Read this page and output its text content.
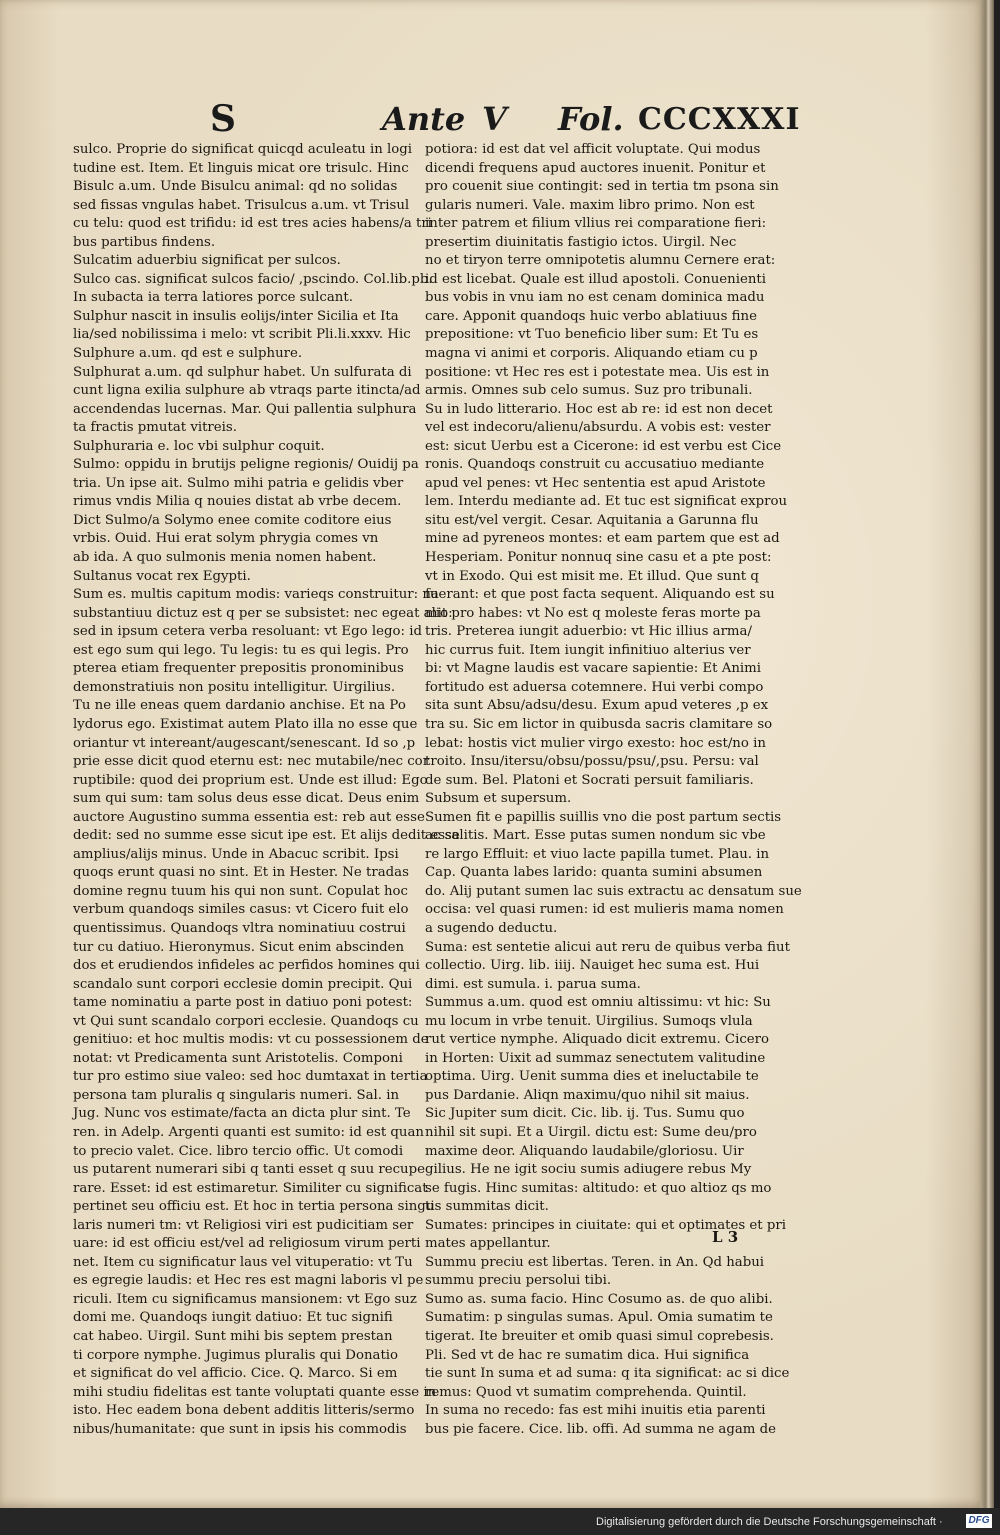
S	Ante V Fol. CCCXXXI
sulco. Proprie do significat quicqd aculeatu in logi
tudine est. Item. Et linguis micat ore trisulc. Hinc
Bisulc a.um. Unde Bisulcu animal: qd no solidas
sed fissas vngulas habet. Trisulcus a.um. vt Trisul
cu telu: quod est trifidu: id est tres acies habens/a tri
bus partibus findens.
Sulcatim aduerbiu significat per sulcos.
Sulco cas. significat sulcos facio/ ,pscindo. Col.lib.pb.
In subacta ia terra latiores porce sulcant.
Sulphur nascit in insulis eolijs/inter Sicilia et Ita
lia/sed nobilissima i melo: vt scribit Pli.li.xxxv. Hic
Sulphure a.um. qd est e sulphure.
Sulphurat a.um. qd sulphur habet. Un sulfurata di
cunt ligna exilia sulphure ab vtraqs parte itincta/ad
accendendas lucernas. Mar. Qui pallentia sulphura
ta fractis pmutat vitreis.
Sulphuraria e. loc vbi sulphur coquit.
Sulmo: oppidu in brutijs peligne regionis/ Ouidij pa
tria. Un ipse ait. Sulmo mihi patria e gelidis vber
rimus vndis Milia q nouies distat ab vrbe decem.
Dict Sulmo/a Solymo enee comite coditore eius
vrbis. Ouid. Hui erat solym phrygia comes vn
ab ida. A quo sulmonis menia nomen habent.
Sultanus vocat rex Egypti.
Sum es. multis capitum modis: varieqs construitur: na
substantiuu dictuz est q per se subsistet: nec egeat alio:
sed in ipsum cetera verba resoluant: vt Ego lego: id
est ego sum qui lego. Tu legis: tu es qui legis. Pro
pterea etiam frequenter prepositis pronominibus
demonstratiuis non positu intelligitur. Uirgilius.
Tu ne ille eneas quem dardanio anchise. Et na Po
lydorus ego. Existimat autem Plato illa no esse que
oriantur vt intereant/augescant/senescant. Id so ,p
prie esse dicit quod eternu est: nec mutabile/nec cor
ruptibile: quod dei proprium est. Unde est illud: Ego
sum qui sum: tam solus deus esse dicat. Deus enim
auctore Augustino summa essentia est: reb aut esse
dedit: sed no summe esse sicut ipe est. Et alijs dedit esse
amplius/alijs minus. Unde in Abacuc scribit. Ipsi
quoqs erunt quasi no sint. Et in Hester. Ne tradas
domine regnu tuum his qui non sunt. Copulat hoc
verbum quandoqs similes casus: vt Cicero fuit elo
quentissimus. Quandoqs vltra nominatiuu costrui
tur cu datiuo. Hieronymus. Sicut enim abscinden
dos et erudiendos infideles ac perfidos homines qui
scandalo sunt corpori ecclesie domin precipit. Qui
tame nominatiu a parte post in datiuo poni potest:
vt Qui sunt scandalo corpori ecclesie. Quandoqs cu
genitiuo: et hoc multis modis: vt cu possessionem de
notat: vt Predicamenta sunt Aristotelis. Componi
tur pro estimo siue valeo: sed hoc dumtaxat in tertia
persona tam pluralis q singularis numeri. Sal. in
Jug. Nunc vos estimate/facta an dicta plur sint. Te
ren. in Adelp. Argenti quanti est sumito: id est quan
to precio valet. Cice. libro tercio offic. Ut comodi
us putarent numerari sibi q tanti esset q suu recupe
rare. Esset: id est estimaretur. Similiter cu significat
pertinet seu officiu est. Et hoc in tertia persona singu
laris numeri tm: vt Religiosi viri est pudicitiam ser
uare: id est officiu est/vel ad religiosum virum perti
net. Item cu significatur laus vel vituperatio: vt Tu
es egregie laudis: et Hec res est magni laboris vl pe
riculi. Item cu significamus mansionem: vt Ego suz
domi me. Quandoqs iungit datiuo: Et tuc signifi
cat habeo. Uirgil. Sunt mihi bis septem prestan
ti corpore nymphe. Jugimus pluralis qui Donatio
et significat do vel afficio. Cice. Q. Marco. Si em
mihi studiu fidelitas est tante voluptati quante esse in
isto. Hec eadem bona debent additis litteris/sermo
nibus/humanitate: que sunt in ipsis his commodis
potiora: id est dat vel afficit voluptate. Qui modus
dicendi frequens apud auctores inuenit. Ponitur et
pro couenit siue contingit: sed in tertia tm psona sin
gularis numeri. Vale. maxim libro primo. Non est
inter patrem et filium vllius rei comparatione fieri:
presertim diuinitatis fastigio ictos. Uirgil. Nec
no et tiryon terre omnipotetis alumnu Cernere erat:
id est licebat. Quale est illud apostoli. Conuenienti
bus vobis in vnu iam no est cenam dominica madu
care. Apponit quandoqs huic verbo ablatiuus fine
prepositione: vt Tuo beneficio liber sum: Et Tu es
magna vi animi et corporis. Aliquando etiam cu p
positione: vt Hec res est i potestate mea. Uis est in
armis. Omnes sub celo sumus. Suz pro tribunali.
Su in ludo litterario. Hoc est ab re: id est non decet
vel est indecoru/alienu/absurdu. A vobis est: vester
est: sicut Uerbu est a Cicerone: id est verbu est Cice
ronis. Quandoqs construit cu accusatiuo mediante
apud vel penes: vt Hec sententia est apud Aristote
lem. Interdu mediante ad. Et tuc est significat exprou
situ est/vel vergit. Cesar. Aquitania a Garunna flu
mine ad pyreneos montes: et eam partem que est ad
Hesperiam. Ponitur nonnuq sine casu et a pte post:
vt in Exodo. Qui est misit me. Et illud. Que sunt q
fuerant: et que post facta sequent. Aliquando est su
mit pro habes: vt No est q moleste feras morte pa
tris. Preterea iungit aduerbio: vt Hic illius arma/
hic currus fuit. Item iungit infinitiuo alterius ver
bi: vt Magne laudis est vacare sapientie: Et Animi
fortitudo est aduersa cotemnere. Hui verbi compo
sita sunt Absu/adsu/desu. Exum apud veteres ,p ex
tra su. Sic em lictor in quibusda sacris clamitare so
lebat: hostis vict mulier virgo exesto: hoc est/no in
troito. Insu/itersu/obsu/possu/psu/,psu. Persu: val
de sum. Bel. Platoni et Socrati persuit familiaris.
Subsum et supersum.
Sumen fit e papillis suillis vno die post partum sectis
ac salitis. Mart. Esse putas sumen nondum sic vbe
re largo Effluit: et viuo lacte papilla tumet. Plau. in
Cap. Quanta labes larido: quanta sumini absumen
do. Alij putant sumen lac suis extractu ac densatum sue
occisa: vel quasi rumen: id est mulieris mama nomen
a sugendo deductu.
Suma: est sentetie alicui aut reru de quibus verba fiut
collectio. Uirg. lib. iiij. Nauiget hec suma est. Hui
dimi. est sumula. i. parua suma.
Summus a.um. quod est omniu altissimu: vt hic: Su
mu locum in vrbe tenuit. Uirgilius. Sumoqs vlula
rut vertice nymphe. Aliquado dicit extremu. Cicero
in Horten: Uixit ad summaz senectutem valitudine
optima. Uirg. Uenit summa dies et ineluctabile te
pus Dardanie. Aliqn maximu/quo nihil sit maius.
Sic Jupiter sum dicit. Cic. lib. ij. Tus. Sumu quo
nihil sit supi. Et a Uirgil. dictu est: Sume deu/pro
maxime deor. Aliquando laudabile/gloriosu. Uir
gilius. He ne igit sociu sumis adiugere rebus My
se fugis. Hinc sumitas: altitudo: et quo altioz qs mo
tis summitas dicit.
Sumates: principes in ciuitate: qui et optimates et pri
mates appellantur.
Summu preciu est libertas. Teren. in An. Qd habui
summu preciu persolui tibi.
Sumo as. suma facio. Hinc Cosumo as. de quo alibi.
Sumatim: p singulas sumas. Apul. Omia sumatim te
tigerat. Ite breuiter et omib quasi simul coprebesis.
Pli. Sed vt de hac re sumatim dica. Hui significa
tie sunt In suma et ad suma: q ita significat: ac si dice
remus: Quod vt sumatim comprehenda. Quintil.
In suma no recedo: fas est mihi inuitis etia parenti
bus pie facere. Cice. lib. offi. Ad summa ne agam de
L 3
Digitalisierung gefördert durch die Deutsche Forschungsgemeinschaft ·	DFG
